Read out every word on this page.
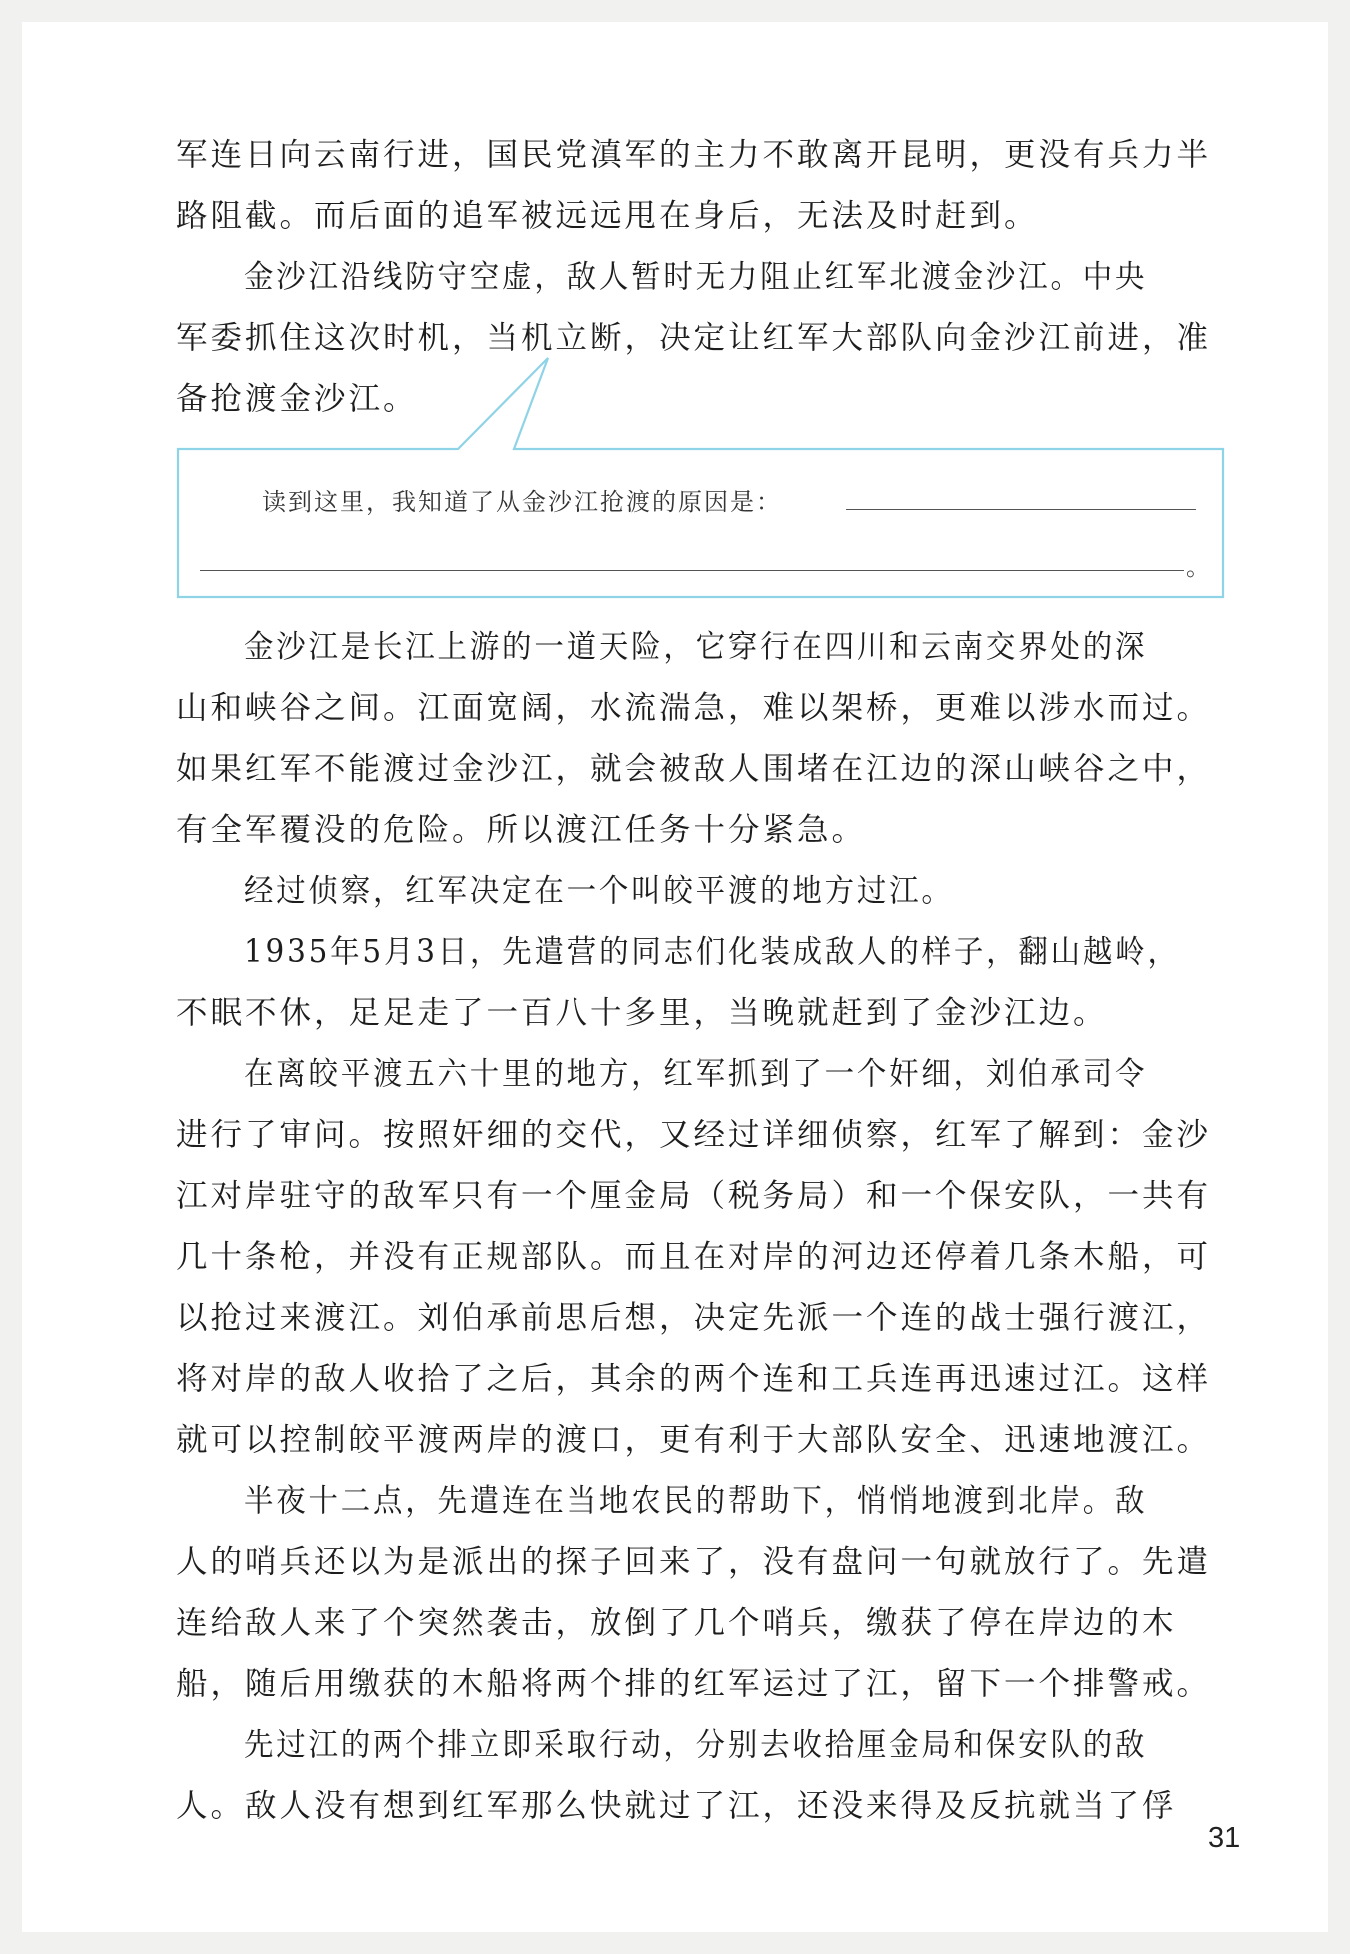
军连日向云南行进，国民党滇军的主力不敢离开昆明，更没有兵力半
路阻截。而后面的追军被远远甩在身后，无法及时赶到。
金沙江沿线防守空虚，敌人暂时无力阻止红军北渡金沙江。中央
军委抓住这次时机，当机立断，决定让红军大部队向金沙江前进，准
备抢渡金沙江。
读到这里，我知道了从金沙江抢渡的原因是：
。
金沙江是长江上游的一道天险，它穿行在四川和云南交界处的深
山和峡谷之间。江面宽阔，水流湍急，难以架桥，更难以涉水而过。
如果红军不能渡过金沙江，就会被敌人围堵在江边的深山峡谷之中，
有全军覆没的危险。所以渡江任务十分紧急。
经过侦察，红军决定在一个叫皎平渡的地方过江。
1935年5月3日，先遣营的同志们化装成敌人的样子，翻山越岭，
不眠不休，足足走了一百八十多里，当晚就赶到了金沙江边。
在离皎平渡五六十里的地方，红军抓到了一个奸细，刘伯承司令
进行了审问。按照奸细的交代，又经过详细侦察，红军了解到：金沙
江对岸驻守的敌军只有一个厘金局（税务局）和一个保安队，一共有
几十条枪，并没有正规部队。而且在对岸的河边还停着几条木船，可
以抢过来渡江。刘伯承前思后想，决定先派一个连的战士强行渡江，
将对岸的敌人收拾了之后，其余的两个连和工兵连再迅速过江。这样
就可以控制皎平渡两岸的渡口，更有利于大部队安全、迅速地渡江。
半夜十二点，先遣连在当地农民的帮助下，悄悄地渡到北岸。敌
人的哨兵还以为是派出的探子回来了，没有盘问一句就放行了。先遣
连给敌人来了个突然袭击，放倒了几个哨兵，缴获了停在岸边的木
船，随后用缴获的木船将两个排的红军运过了江，留下一个排警戒。
先过江的两个排立即采取行动，分别去收拾厘金局和保安队的敌
人。敌人没有想到红军那么快就过了江，还没来得及反抗就当了俘
31
